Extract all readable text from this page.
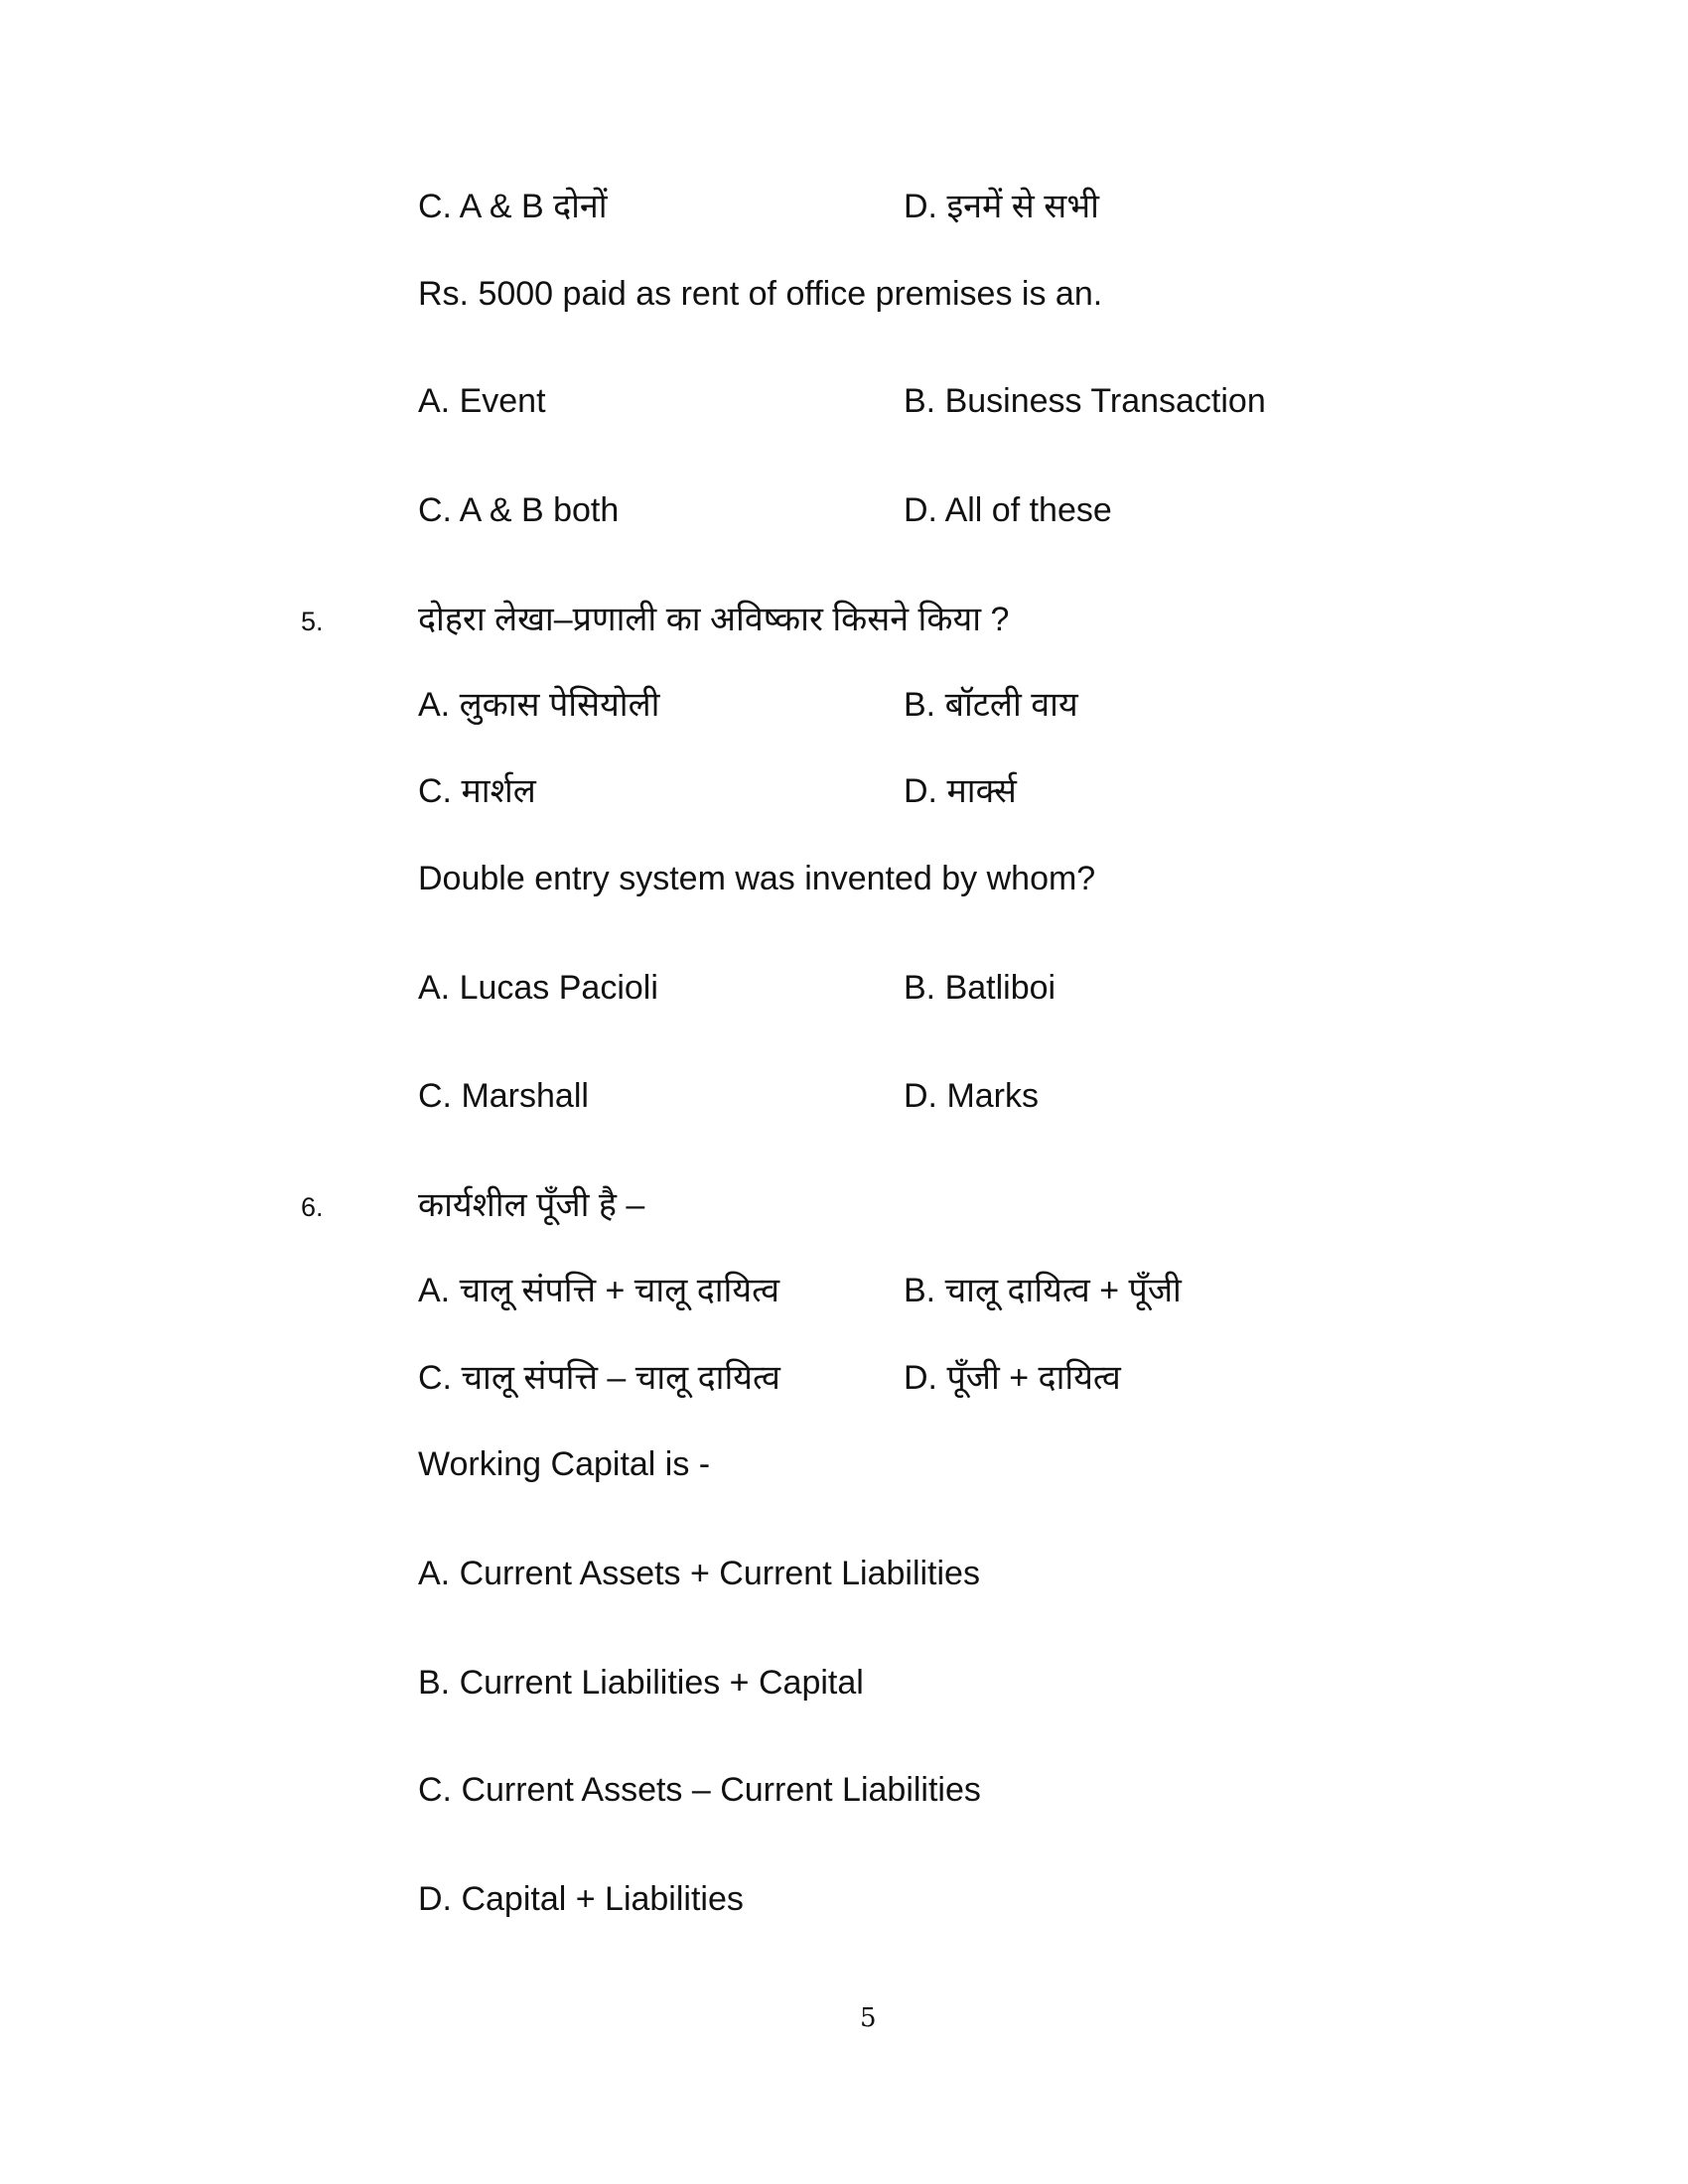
C. A & B दोनों	D. इनमें से सभी
Rs. 5000 paid as rent of office premises is an.
A. Event	B. Business Transaction
C. A & B both	D. All of these
5.	दोहरा लेखा–प्रणाली का अविष्कार किसने किया ?
A. लुकास पेसियोली	B. बॉटली वाय
C. मार्शल	D. मार्क्स
Double entry system was invented by whom?
A. Lucas Pacioli	B. Batliboi
C. Marshall	D. Marks
6.	कार्यशील पूँजी है –
A. चालू संपत्ति + चालू दायित्व	B. चालू दायित्व + पूँजी
C. चालू संपत्ति – चालू दायित्व	D. पूँजी + दायित्व
Working Capital is -
A. Current Assets + Current Liabilities
B. Current Liabilities + Capital
C. Current Assets – Current Liabilities
D. Capital + Liabilities
5
